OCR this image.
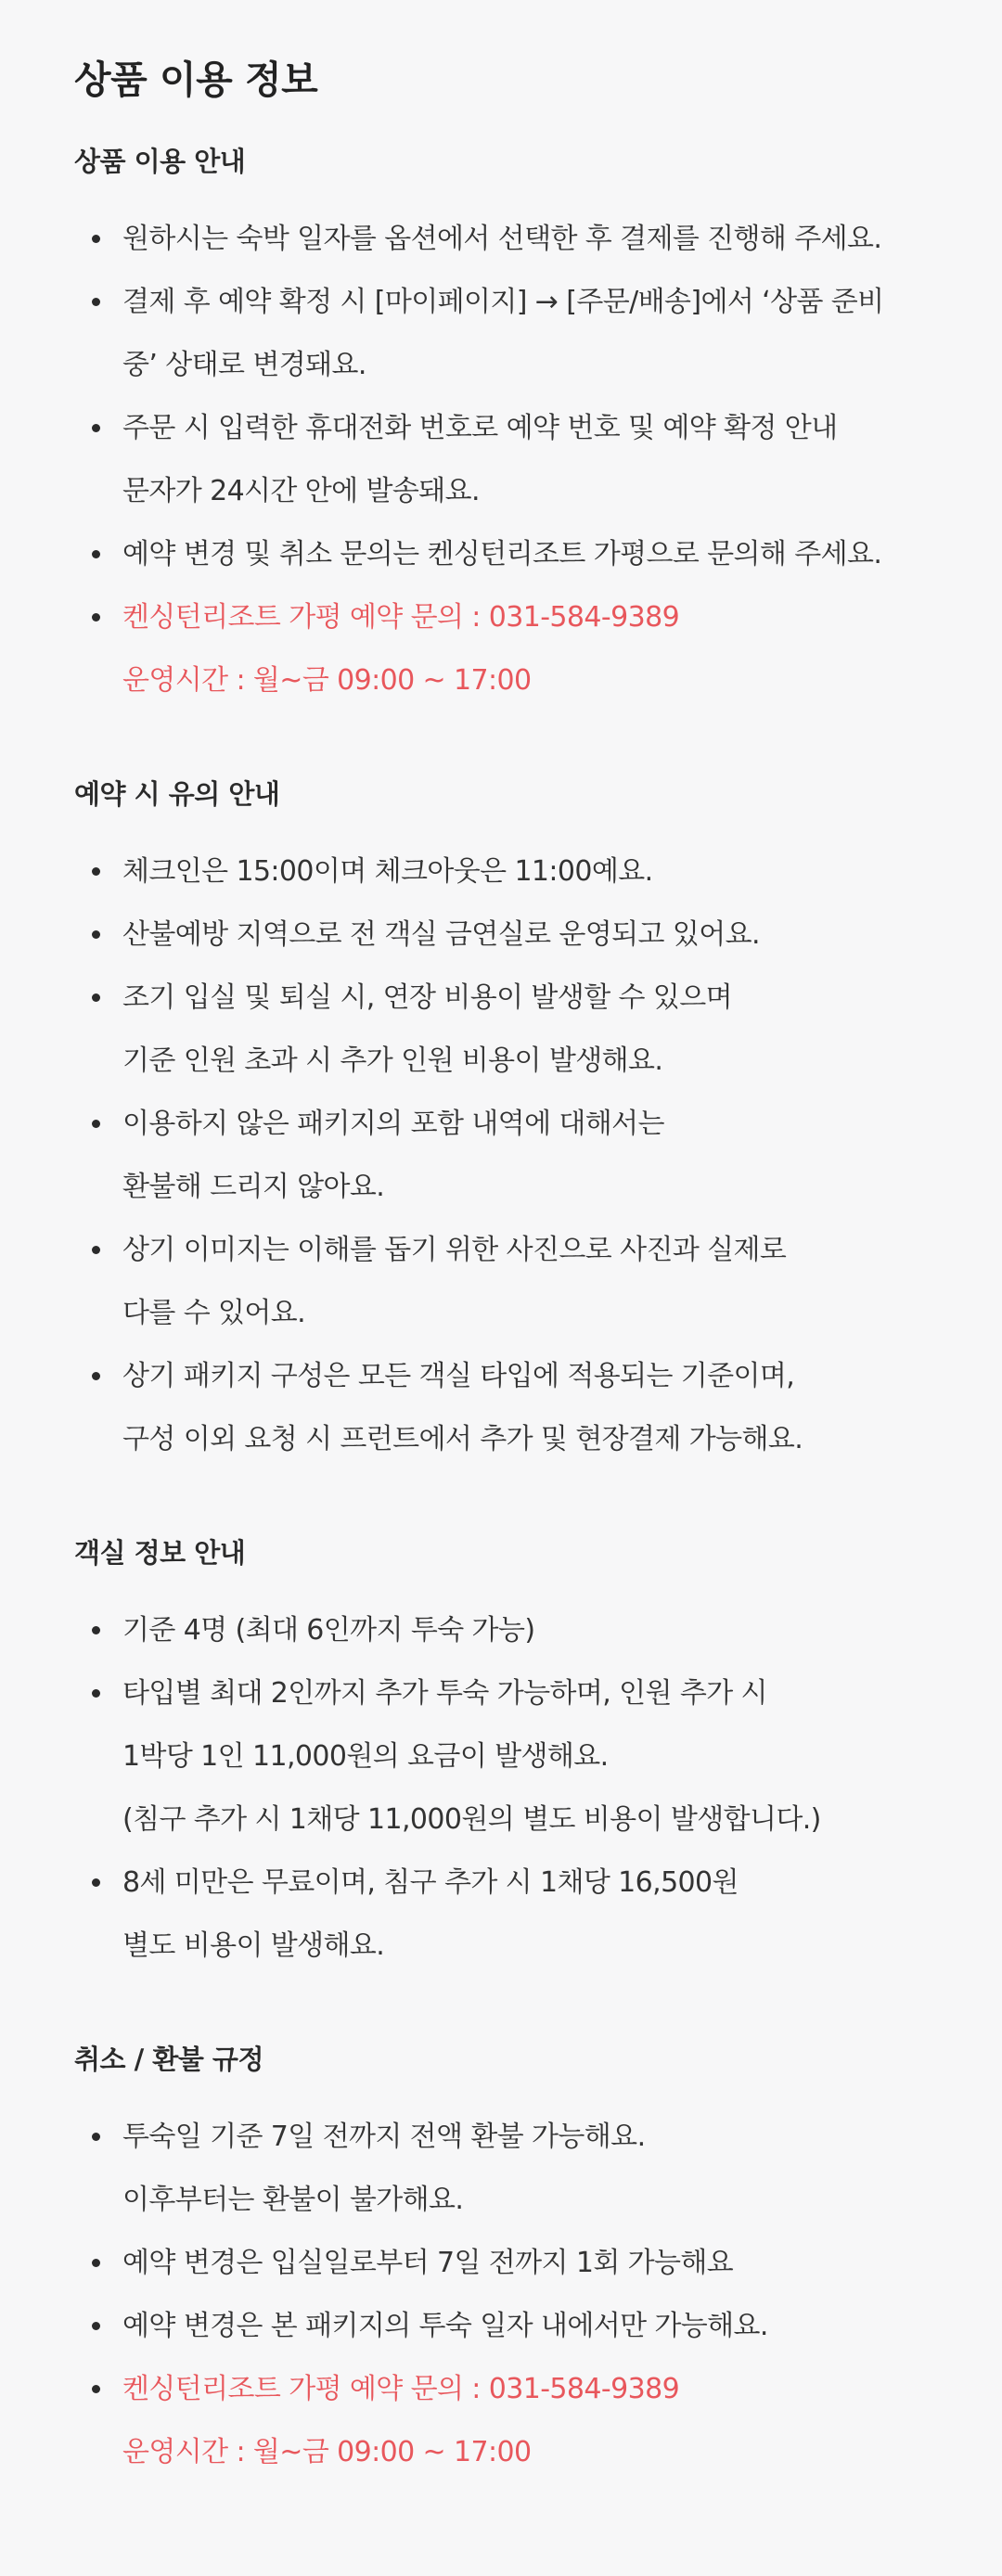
상품 이용 정보
상품 이용 안내
원하시는 숙박 일자를 옵션에서 선택한 후 결제를 진행해 주세요.
결제 후 예약 확정 시 [마이페이지] → [주문/배송]에서 ‘상품 준비
중’ 상태로 변경돼요.
주문 시 입력한 휴대전화 번호로 예약 번호 및 예약 확정 안내
문자가 24시간 안에 발송돼요.
예약 변경 및 취소 문의는 켄싱턴리조트 가평으로 문의해 주세요.
켄싱턴리조트 가평 예약 문의 : 031-584-9389
운영시간 : 월~금 09:00 ~ 17:00
예약 시 유의 안내
체크인은 15:00이며 체크아웃은 11:00예요.
산불예방 지역으로 전 객실 금연실로 운영되고 있어요.
조기 입실 및 퇴실 시, 연장 비용이 발생할 수 있으며
기준 인원 초과 시 추가 인원 비용이 발생해요.
이용하지 않은 패키지의 포함 내역에 대해서는
환불해 드리지 않아요.
상기 이미지는 이해를 돕기 위한 사진으로 사진과 실제로
다를 수 있어요.
상기 패키지 구성은 모든 객실 타입에 적용되는 기준이며,
구성 이외 요청 시 프런트에서 추가 및 현장결제 가능해요.
객실 정보 안내
기준 4명 (최대 6인까지 투숙 가능)
타입별 최대 2인까지 추가 투숙 가능하며, 인원 추가 시
1박당 1인 11,000원의 요금이 발생해요.
(침구 추가 시 1채당 11,000원의 별도 비용이 발생합니다.)
8세 미만은 무료이며, 침구 추가 시 1채당 16,500원
별도 비용이 발생해요.
취소 / 환불 규정
투숙일 기준 7일 전까지 전액 환불 가능해요.
이후부터는 환불이 불가해요.
예약 변경은 입실일로부터 7일 전까지 1회 가능해요
예약 변경은 본 패키지의 투숙 일자 내에서만 가능해요.
켄싱턴리조트 가평 예약 문의 : 031-584-9389
운영시간 : 월~금 09:00 ~ 17:00
